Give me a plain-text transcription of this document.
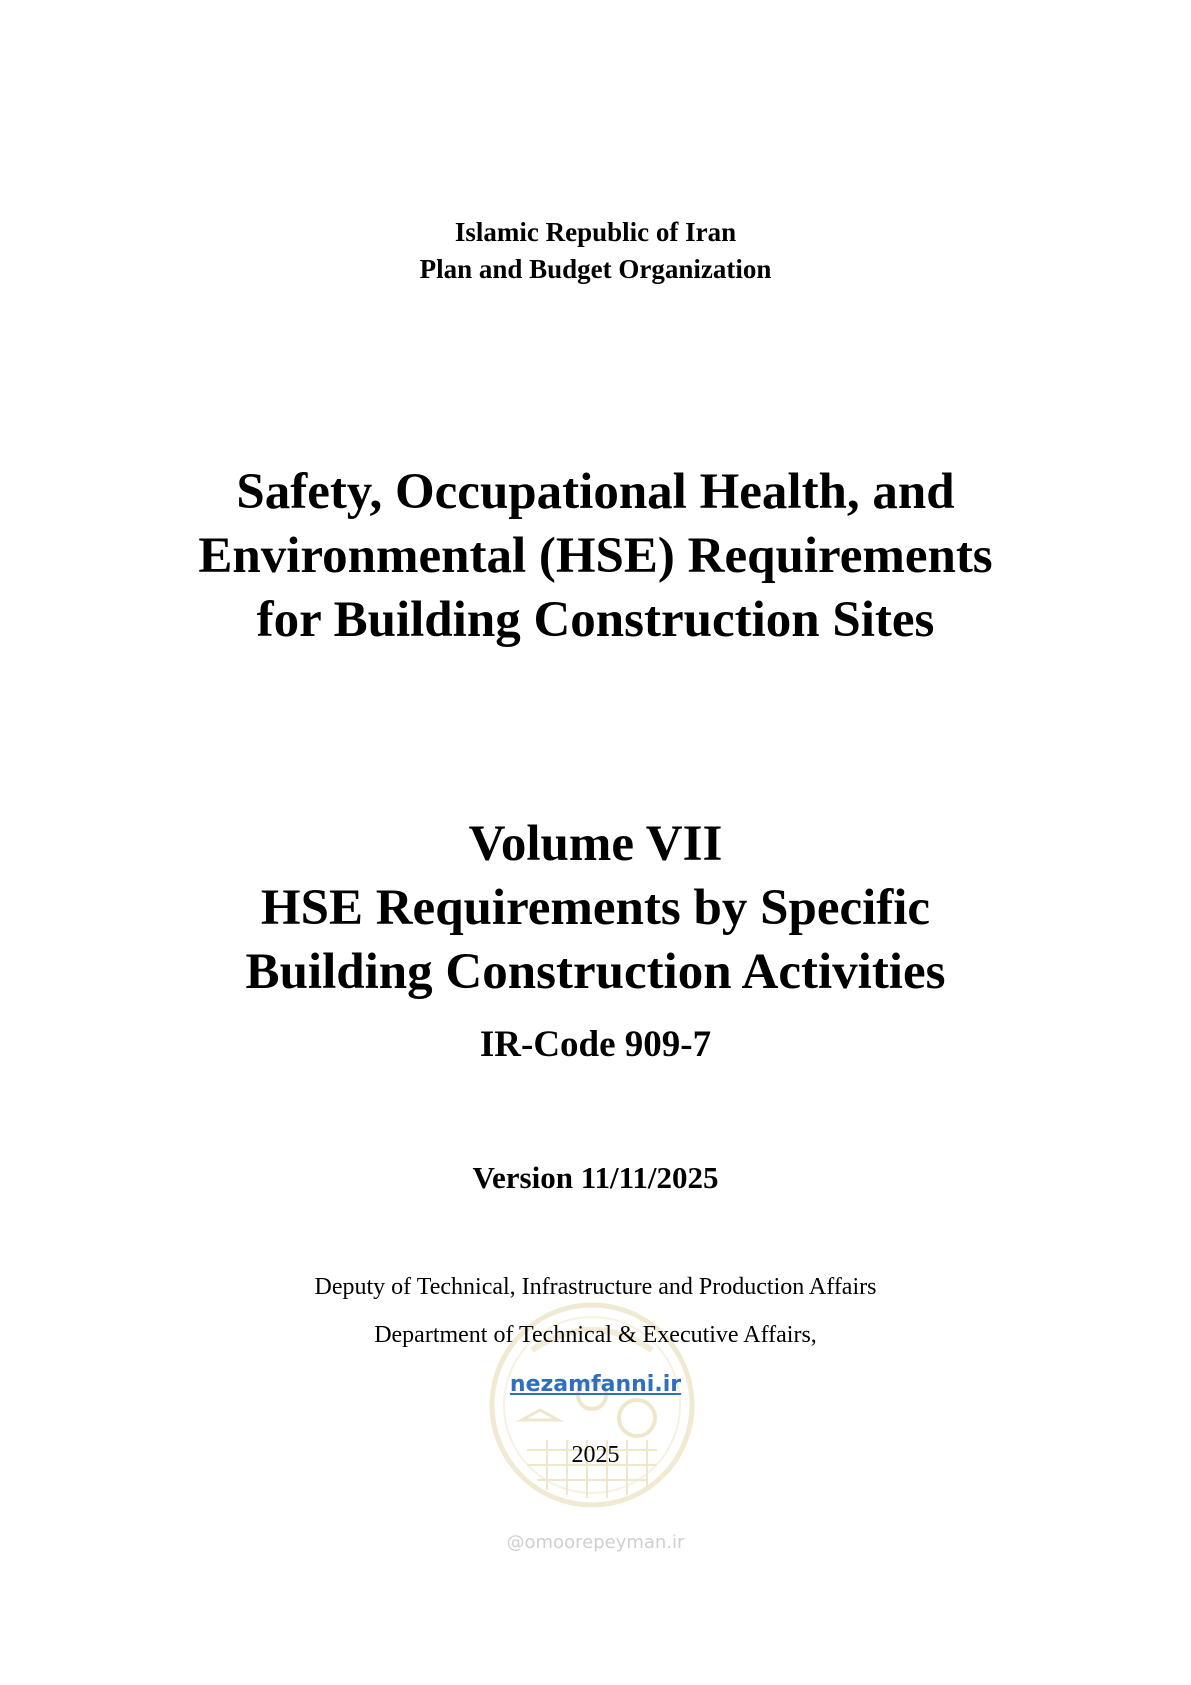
Islamic Republic of Iran
Plan and Budget Organization
Safety, Occupational Health, and
Environmental (HSE) Requirements
for Building Construction Sites
Volume VII
HSE Requirements by Specific
Building Construction Activities
IR-Code 909-7
Version 11/11/2025
Deputy of Technical, Infrastructure and Production Affairs
Department of Technical & Executive Affairs,
nezamfanni.ir
2025
@omoorepeyman.ir
